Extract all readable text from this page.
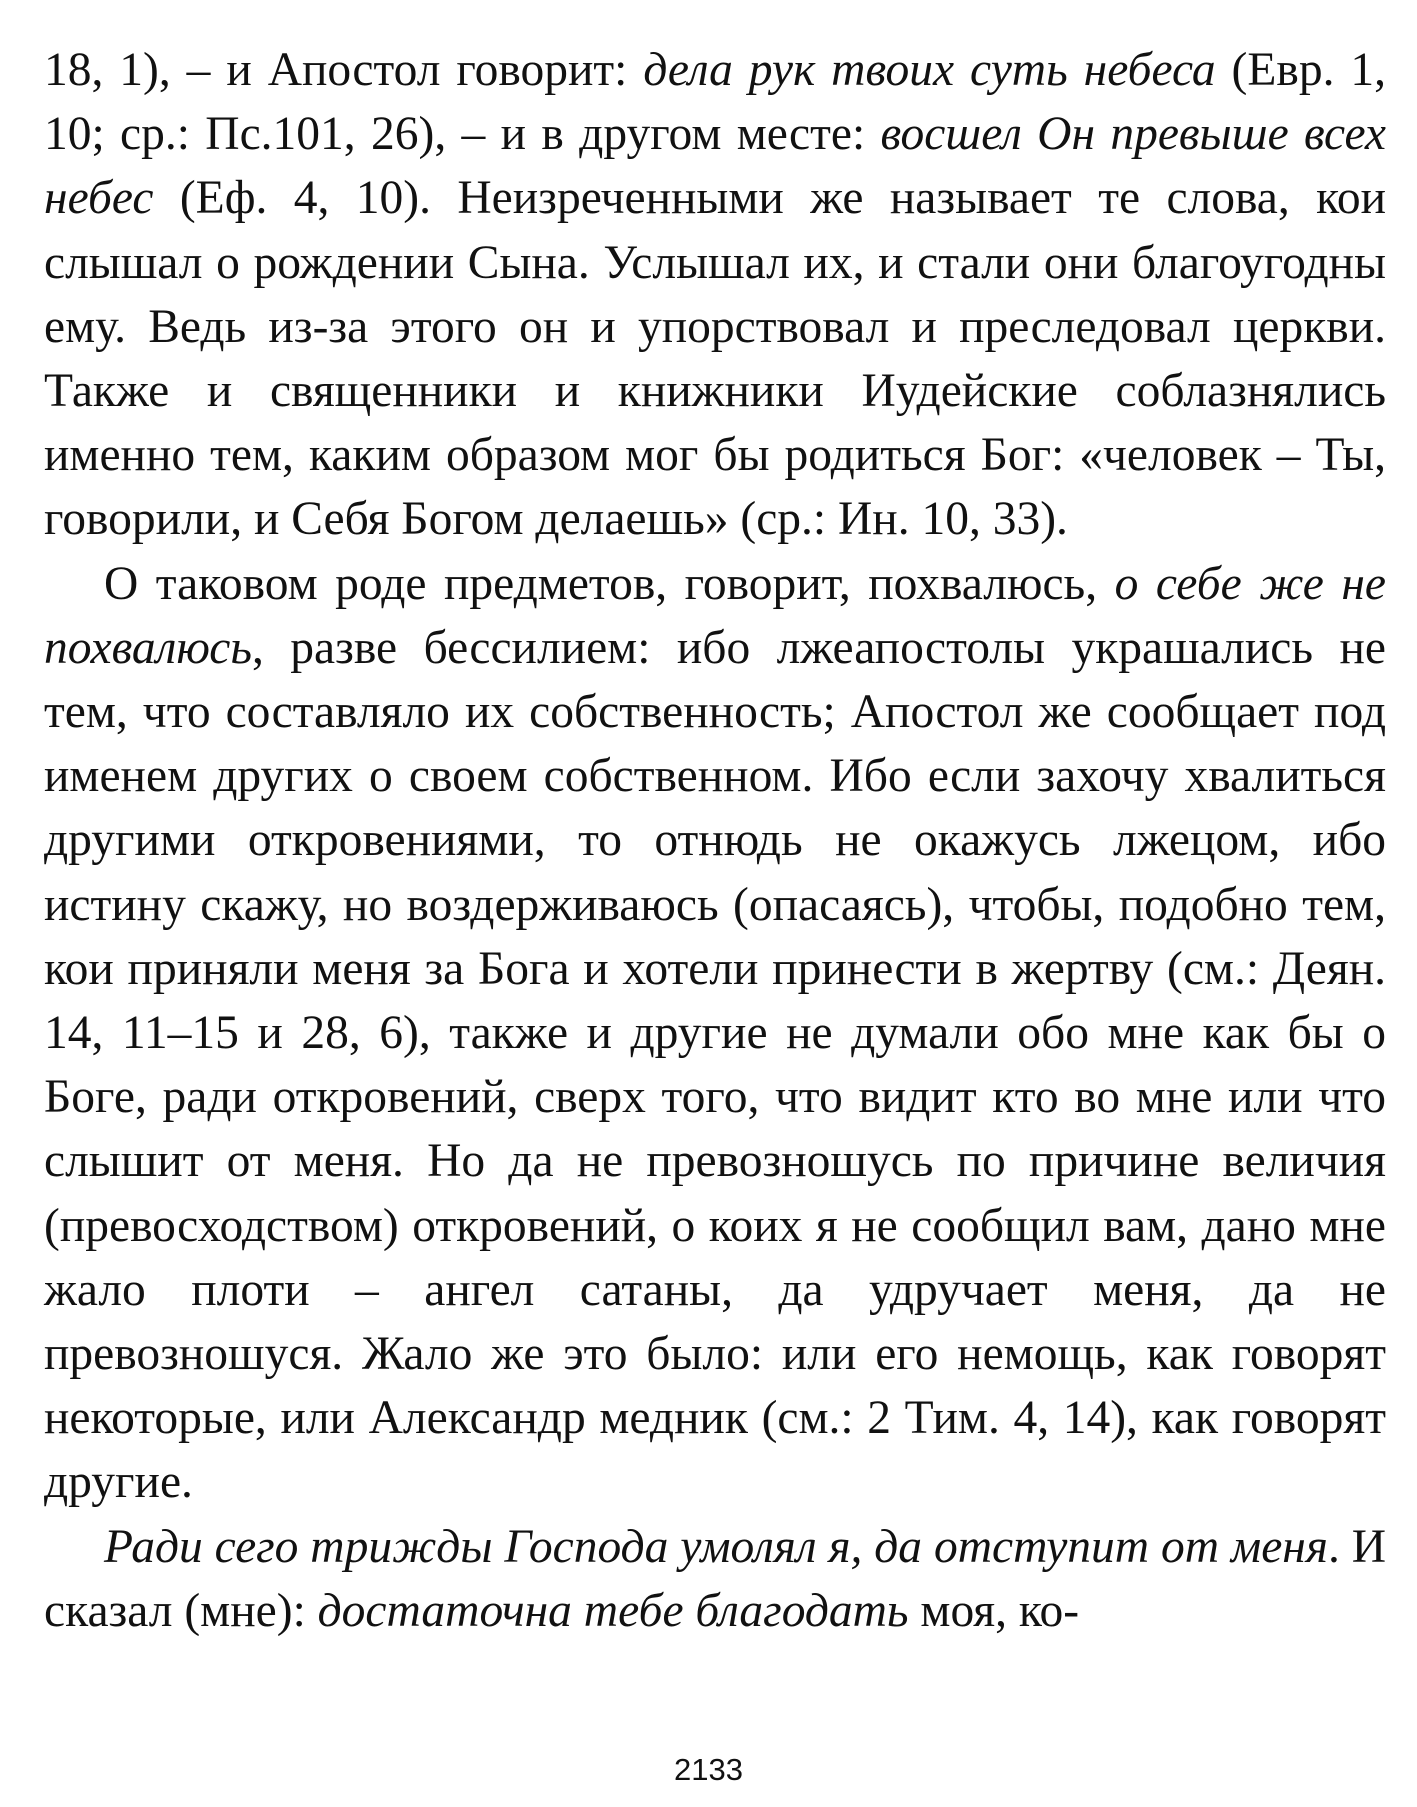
18, 1), – и Апостол говорит: дела рук твоих суть небеса (Евр. 1, 10; ср.: Пс.101, 26), – и в другом месте: восшел Он превыше всех небес (Еф. 4, 10). Неизреченными же называет те слова, кои слышал о рождении Сына. Услышал их, и стали они благоугодны ему. Ведь из-за этого он и упорствовал и преследовал церкви. Также и священники и книжники Иудейские соблазнялись именно тем, каким образом мог бы родиться Бог: «человек – Ты, говорили, и Себя Богом делаешь» (ср.: Ин. 10, 33).

О таковом роде предметов, говорит, похвалюсь, о себе же не похвалюсь, разве бессилием: ибо лжеапостолы украшались не тем, что составляло их собственность; Апостол же сообщает под именем других о своем собственном. Ибо если захочу хвалиться другими откровениями, то отнюдь не окажусь лжецом, ибо истину скажу, но воздерживаюсь (опасаясь), чтобы, подобно тем, кои приняли меня за Бога и хотели принести в жертву (см.: Деян. 14, 11–15 и 28, 6), также и другие не думали обо мне как бы о Боге, ради откровений, сверх того, что видит кто во мне или что слышит от меня. Но да не превозношусь по причине величия (превосходством) откровений, о коих я не сообщил вам, дано мне жало плоти – ангел сатаны, да удручает меня, да не превозношуся. Жало же это было: или его немощь, как говорят некоторые, или Александр медник (см.: 2 Тим. 4, 14), как говорят другие.

Ради сего трижды Господа умолял я, да отступит от меня. И сказал (мне): достаточна тебе благодать моя, ко-

2133
